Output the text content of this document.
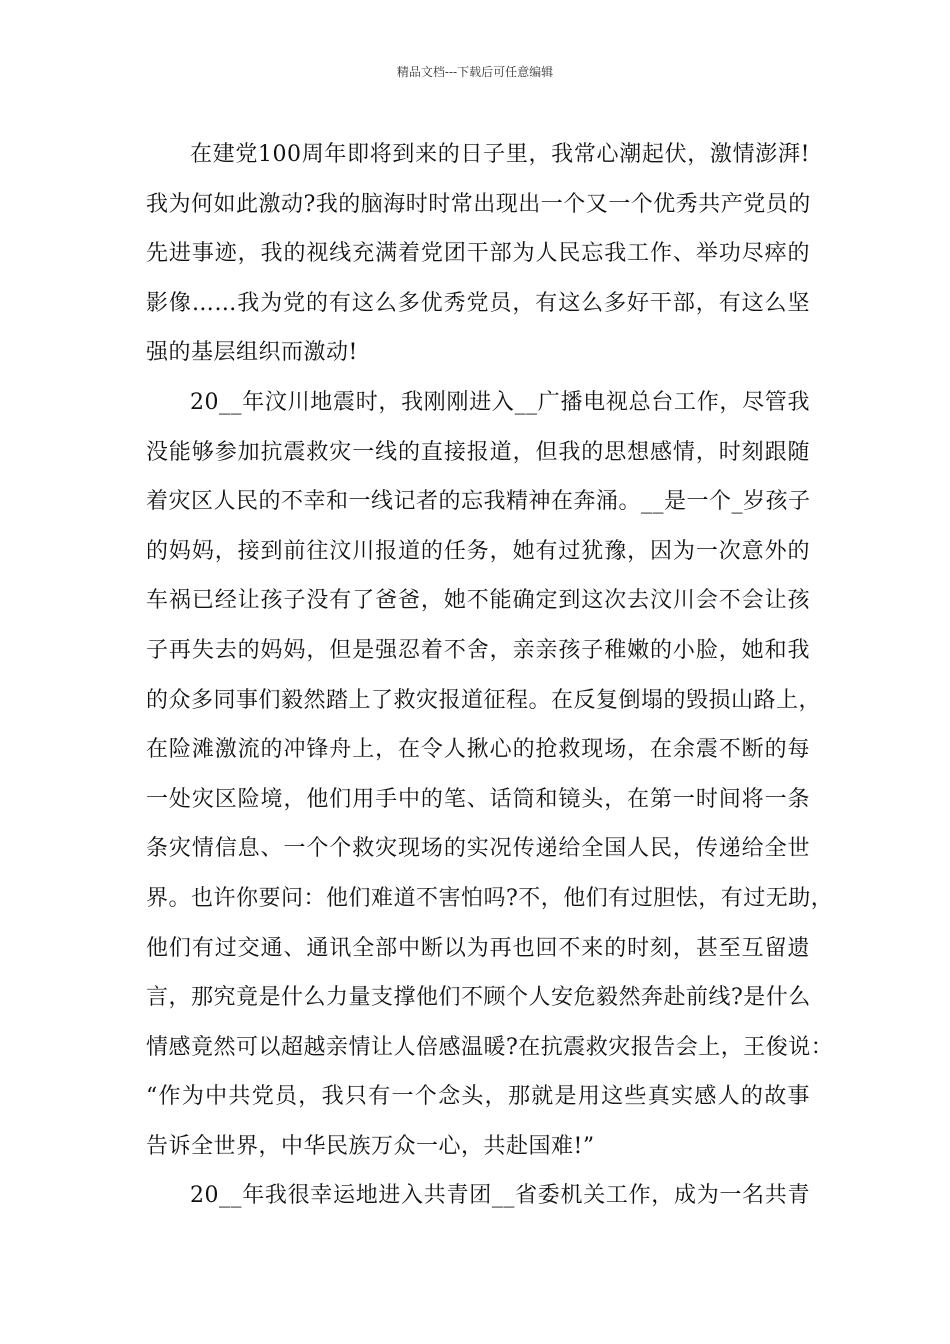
精品文档---下载后可任意编辑
在建党100周年即将到来的日子里，我常心潮起伏，激情澎湃!
我为何如此激动?我的脑海时时常出现出一个又一个优秀共产党员的
先进事迹，我的视线充满着党团干部为人民忘我工作、举功尽瘁的
影像……我为党的有这么多优秀党员，有这么多好干部，有这么坚
强的基层组织而激动!
20__年汶川地震时，我刚刚进入__广播电视总台工作，尽管我
没能够参加抗震救灾一线的直接报道，但我的思想感情，时刻跟随
着灾区人民的不幸和一线记者的忘我精神在奔涌。__是一个_岁孩子
的妈妈，接到前往汶川报道的任务，她有过犹豫，因为一次意外的
车祸已经让孩子没有了爸爸，她不能确定到这次去汶川会不会让孩
子再失去的妈妈，但是强忍着不舍，亲亲孩子稚嫩的小脸，她和我
的众多同事们毅然踏上了救灾报道征程。在反复倒塌的毁损山路上，
在险滩激流的冲锋舟上，在令人揪心的抢救现场，在余震不断的每
一处灾区险境，他们用手中的笔、话筒和镜头，在第一时间将一条
条灾情信息、一个个救灾现场的实况传递给全国人民，传递给全世
界。也许你要问：他们难道不害怕吗?不，他们有过胆怯，有过无助，
他们有过交通、通讯全部中断以为再也回不来的时刻，甚至互留遗
言，那究竟是什么力量支撑他们不顾个人安危毅然奔赴前线?是什么
情感竟然可以超越亲情让人倍感温暖?在抗震救灾报告会上，王俊说：
“作为中共党员，我只有一个念头，那就是用这些真实感人的故事
告诉全世界，中华民族万众一心，共赴国难!”
20__年我很幸运地进入共青团__省委机关工作，成为一名共青
